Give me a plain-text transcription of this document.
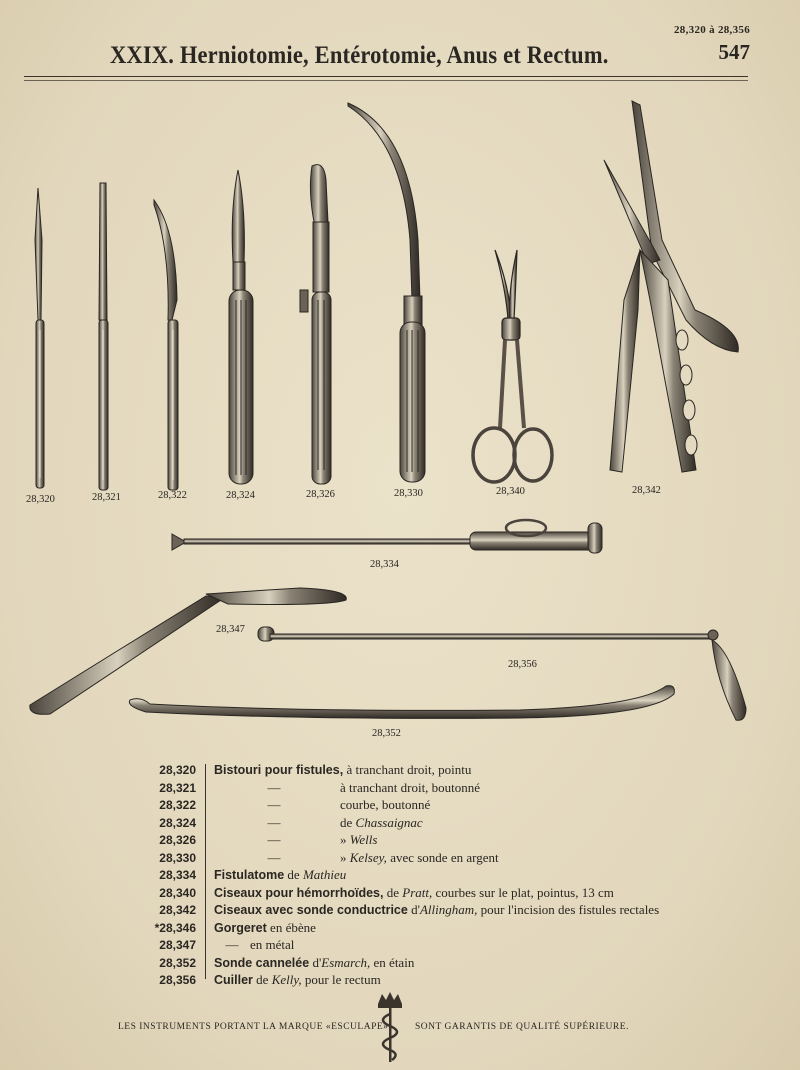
28,320 à 28,356
XXIX. Herniotomie, Entérotomie, Anus et Rectum.	547
28,320	28,321	28,322	28,324	28,326	28,330	28,340	28,342
28,334
28,347
28,356
28,352
28,320	Bistouri pour fistules, à tranchant droit, pointu
28,321	—	à tranchant droit, boutonné
28,322	—	courbe, boutonné
28,324	—	de Chassaignac
28,326	—	» Wells
28,330	—	» Kelsey, avec sonde en argent
28,334	Fistulatome de Mathieu
28,340	Ciseaux pour hémorrhoïdes, de Pratt, courbes sur le plat, pointus, 13 cm
28,342	Ciseaux avec sonde conductrice d'Allingham, pour l'incision des fistules rectales
*28,346	Gorgeret en ébène
28,347	— en métal
28,352	Sonde cannelée d'Esmarch, en étain
28,356	Cuiller de Kelly, pour le rectum
LES INSTRUMENTS PORTANT LA MARQUE «ESCULAPE»	SONT GARANTIS DE QUALITÉ SUPÉRIEURE.
